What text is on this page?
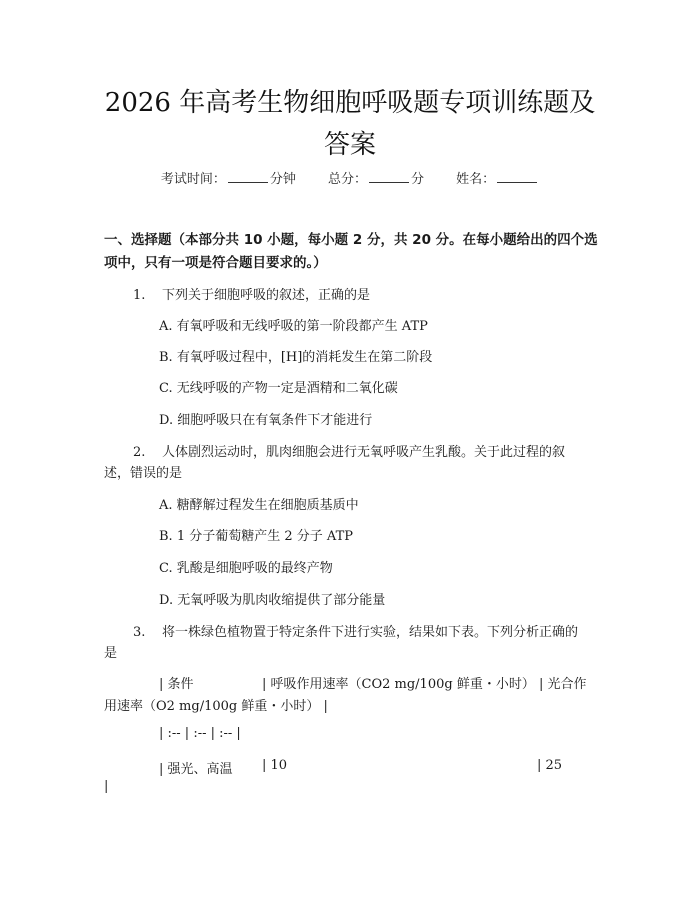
2026 年高考生物细胞呼吸题专项训练题及答案
考试时间：	分钟 总分：	分 姓名：

一、选择题（本部分共 10 小题，每小题 2 分，共 20 分。在每小题给出的四个选项中，只有一项是符合题目要求的。）

1. 下列关于细胞呼吸的叙述，正确的是
A. 有氧呼吸和无线呼吸的第一阶段都产生 ATP
B. 有氧呼吸过程中，[H]的消耗发生在第二阶段
C. 无线呼吸的产物一定是酒精和二氧化碳
D. 细胞呼吸只在有氧条件下才能进行
2. 人体剧烈运动时，肌肉细胞会进行无氧呼吸产生乳酸。关于此过程的叙
述，错误的是
A. 糖酵解过程发生在细胞质基质中
B. 1 分子葡萄糖产生 2 分子 ATP
C. 乳酸是细胞呼吸的最终产物
D. 无氧呼吸为肌肉收缩提供了部分能量
3. 将一株绿色植物置于特定条件下进行实验，结果如下表。下列分析正确的
是
| 条件	| 呼吸作用速率（CO2 mg/100g 鲜重・小时） | 光合作
用速率（O2 mg/100g 鲜重・小时） |
| :-- | :-- | :-- |
| 强光、高温 | 10	| 25
|
